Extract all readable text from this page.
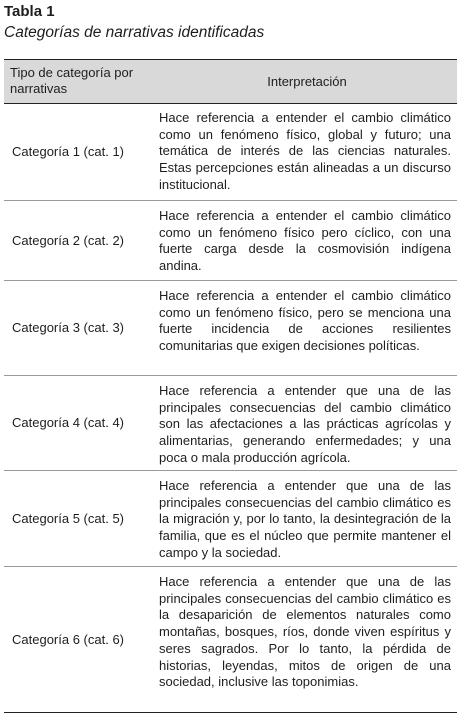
Tabla 1
Categorías de narrativas identificadas
Tipo de categoría por narrativas	Interpretación
Categoría 1 (cat. 1)
Hace referencia a entender el cambio climático como un fenómeno físico, global y futuro; una temática de interés de las ciencias naturales. Estas percepciones están alineadas a un discurso institucional.
Categoría 2 (cat. 2)
Hace referencia a entender el cambio climático como un fenómeno físico pero cíclico, con una fuerte carga desde la cosmovisión indígena andina.
Categoría 3 (cat. 3)
Hace referencia a entender el cambio climático como un fenómeno físico, pero se menciona una fuerte incidencia de acciones resilientes comunitarias que exigen decisiones políticas.
Categoría 4 (cat. 4)
Hace referencia a entender que una de las principales consecuencias del cambio climático son las afectaciones a las prácticas agrícolas y alimentarias, generando enfermedades; y una poca o mala producción agrícola.
Categoría 5 (cat. 5)
Hace referencia a entender que una de las principales consecuencias del cambio climático es la migración y, por lo tanto, la desintegración de la familia, que es el núcleo que permite mantener el campo y la sociedad.
Categoría 6 (cat. 6)
Hace referencia a entender que una de las principales consecuencias del cambio climático es la desaparición de elementos naturales como montañas, bosques, ríos, donde viven espíritus y seres sagrados. Por lo tanto, la pérdida de historias, leyendas, mitos de origen de una sociedad, inclusive las toponimias.
